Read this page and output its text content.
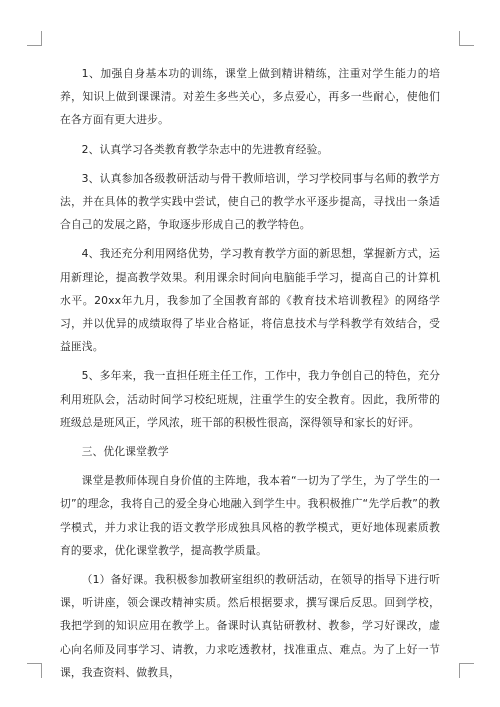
1、加强自身基本功的训练，课堂上做到精讲精练，注重对学生能力的培养，知识上做到课课清。对差生多些关心，多点爱心，再多一些耐心，使他们在各方面有更大进步。

2、认真学习各类教育教学杂志中的先进教育经验。

3、认真参加各级教研活动与骨干教师培训，学习学校同事与名师的教学方法，并在具体的教学实践中尝试，使自己的教学水平逐步提高，寻找出一条适合自己的发展之路，争取逐步形成自己的教学特色。

4、我还充分利用网络优势，学习教育教学方面的新思想，掌握新方式，运用新理论，提高教学效果。利用课余时间向电脑能手学习，提高自己的计算机水平。20xx年九月，我参加了全国教育部的《教育技术培训教程》的网络学习，并以优异的成绩取得了毕业合格证，将信息技术与学科教学有效结合，受益匪浅。

5、多年来，我一直担任班主任工作，工作中，我力争创自己的特色，充分利用班队会，活动时间学习校纪班规，注重学生的安全教育。因此，我所带的班级总是班风正，学风浓，班干部的积极性很高，深得领导和家长的好评。

三、优化课堂教学

课堂是教师体现自身价值的主阵地，我本着“一切为了学生，为了学生的一切”的理念，我将自己的爱全身心地融入到学生中。我积极推广“先学后教”的教学模式，并力求让我的语文教学形成独具风格的教学模式，更好地体现素质教育的要求，优化课堂教学，提高教学质量。

（1）备好课。我积极参加教研室组织的教研活动，在领导的指导下进行听课，听讲座，领会课改精神实质。然后根据要求，撰写课后反思。回到学校，我把学到的知识应用在教学上。备课时认真钻研教材、教参，学习好课改，虚心向名师及同事学习、请教，力求吃透教材，找准重点、难点。为了上好一节课，我查资料、做教具，
